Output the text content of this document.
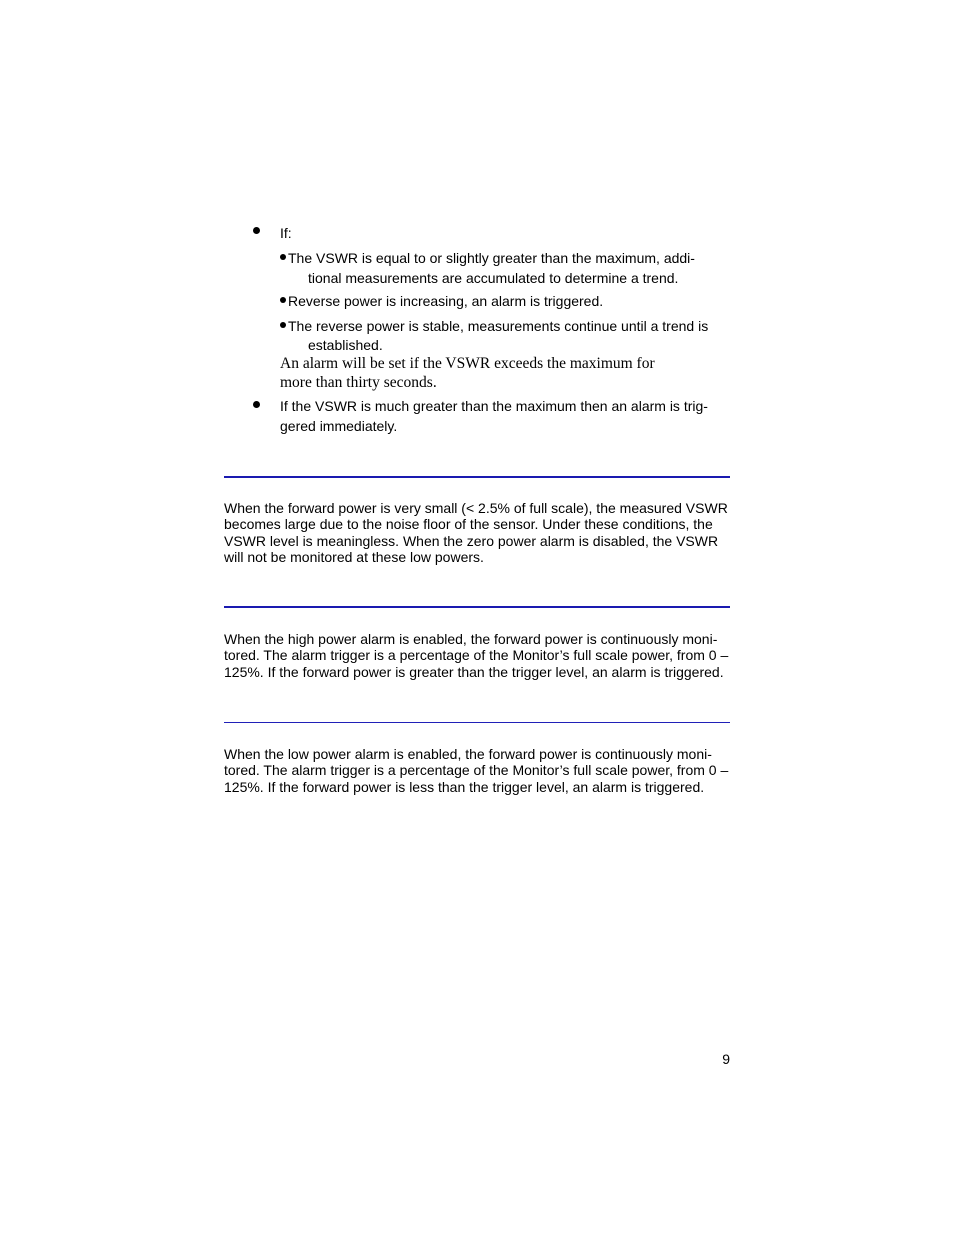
If:
The VSWR is equal to or slightly greater than the maximum, addi-
tional measurements are accumulated to determine a trend.
Reverse power is increasing, an alarm is triggered.
The reverse power is stable, measurements continue until a trend is
established.
An alarm will be set if the VSWR exceeds the maximum for
more than thirty seconds.
If the VSWR is much greater than the maximum then an alarm is trig-
gered immediately.
When the forward power is very small (< 2.5% of full scale), the measured VSWR
becomes large due to the noise floor of the sensor. Under these conditions, the
VSWR level is meaningless. When the zero power alarm is disabled, the VSWR
will not be monitored at these low powers.
When the high power alarm is enabled, the forward power is continuously moni-
tored. The alarm trigger is a percentage of the Monitor’s full scale power, from 0 –
125%. If the forward power is greater than the trigger level, an alarm is triggered.
When the low power alarm is enabled, the forward power is continuously moni-
tored. The alarm trigger is a percentage of the Monitor’s full scale power, from 0 –
125%. If the forward power is less than the trigger level, an alarm is triggered.
9
